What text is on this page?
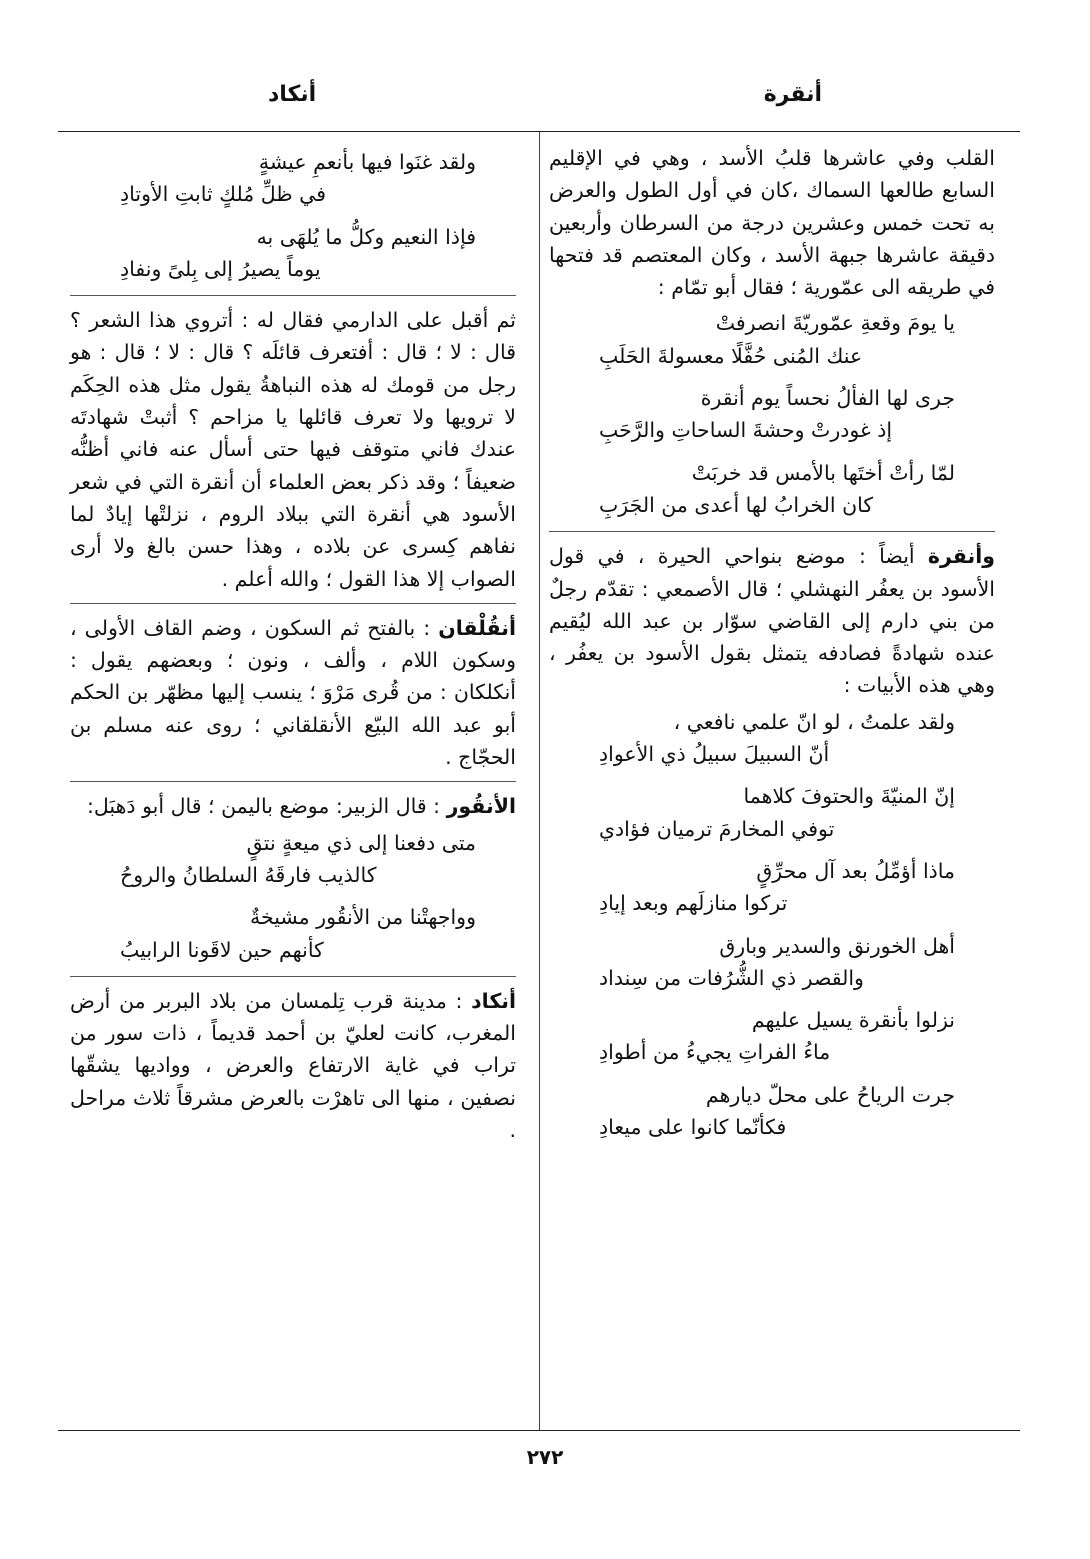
أنقرة
أنكاد

القلب وفي عاشرها قلبُ الأسد ، وهي في الإقليم السابع طالعها السماك ،كان في أول الطول والعرض به تحت خمس وعشرين درجة من السرطان وأربعين دقيقة عاشرها جبهة الأسد ، وكان المعتصم قد فتحها في طريقه الى عمّورية ؛ فقال أبو تمّام :

يا يومَ وقعةِ عمّوريّةَ انصرفتْ
عنك المُنى حُفَّلًا معسولةَ الحَلَبِ
جرى لها الفألُ نحساً يوم أنقرة
إذ غودرتْ وحشةَ الساحاتِ والرَّحَبِ
لمّا رأتْ أختَها بالأمس قد خربَتْ
كان الخرابُ لها أعدى من الجَرَبِ

وأنقرة أيضاً : موضع بنواحي الحيرة ، في قول الأسود بن يعفُر النهشلي ؛ قال الأصمعي : تقدّم رجلٌ من بني دارم إلى القاضي سوّار بن عبد الله ليُقيم عنده شهادةً فصادفه يتمثل بقول الأسود بن يعفُر ، وهي هذه الأبيات :

ولقد علمتُ ، لو انّ علمي نافعي ،
أنّ السبيلَ سبيلُ ذي الأعوادِ
إنّ المنيّةَ والحتوفَ كلاهما
توفي المخارمَ ترميان فؤادي
ماذا أؤمِّلُ بعد آل محرِّقٍ
تركوا منازلَهم وبعد إيادِ
أهل الخورنق والسدير وبارق
والقصر ذي الشُّرُفات من سِنداد
نزلوا بأنقرة يسيل عليهم
ماءُ الفراتِ يجيءُ من أطوادِ
جرت الرياحُ على محلّ ديارهم
فكأنّما كانوا على ميعادِ
ولقد غنَوا فيها بأنعمِ عيشةٍ
في ظلِّ مُلكٍ ثابتِ الأوتادِ
فإذا النعيم وكلُّ ما يُلهَى به
يوماً يصيرُ إلى بِلىً ونفادِ

ثم أقبل على الدارمي فقال له : أتروي هذا الشعر ؟ قال : لا ؛ قال : أفتعرف قائلَه ؟ قال : لا ؛ قال : هو رجل من قومك له هذه النباهةُ يقول مثل هذه الحِكَم لا ترويها ولا تعرف قائلها يا مزاحم ؟ أثبتْ شهادتَه عندك فاني متوقف فيها حتى أسأل عنه فاني أظنُّه ضعيفاً ؛ وقد ذكر بعض العلماء أن أنقرة التي في شعر الأسود هي أنقرة التي ببلاد الروم ، نزلتْها إيادٌ لما نفاهم كِسرى عن بلاده ، وهذا حسن بالغ ولا أرى الصواب إلا هذا القول ؛ والله أعلم .

أنقُلْقان : بالفتح ثم السكون ، وضم القاف الأولى ، وسكون اللام ، وألف ، ونون ؛ وبعضهم يقول : أنكلكان : من قُرى مَرْوَ ؛ ينسب إليها مظهّر بن الحكم أبو عبد الله البيّع الأنقلقاني ؛ روى عنه مسلم بن الحجّاج .

الأنقُور : قال الزبير: موضع باليمن ؛ قال أبو دَهبَل:

متى دفعنا إلى ذي ميعةٍ نتقٍ
كالذيب فارقَهُ السلطانُ والروحُ
وواجهتْنا من الأنقُور مشيخةٌ
كأنهم حين لاقَونا الرابيبُ

أنكاد : مدينة قرب تِلمسان من بلاد البربر من أرض المغرب، كانت لعليّ بن أحمد قديماً ، ذات سور من تراب في غاية الارتفاع والعرض ، وواديها يشقّها نصفين ، منها الى تاهرْت بالعرض مشرقاً ثلاث مراحل .

٢٧٢
